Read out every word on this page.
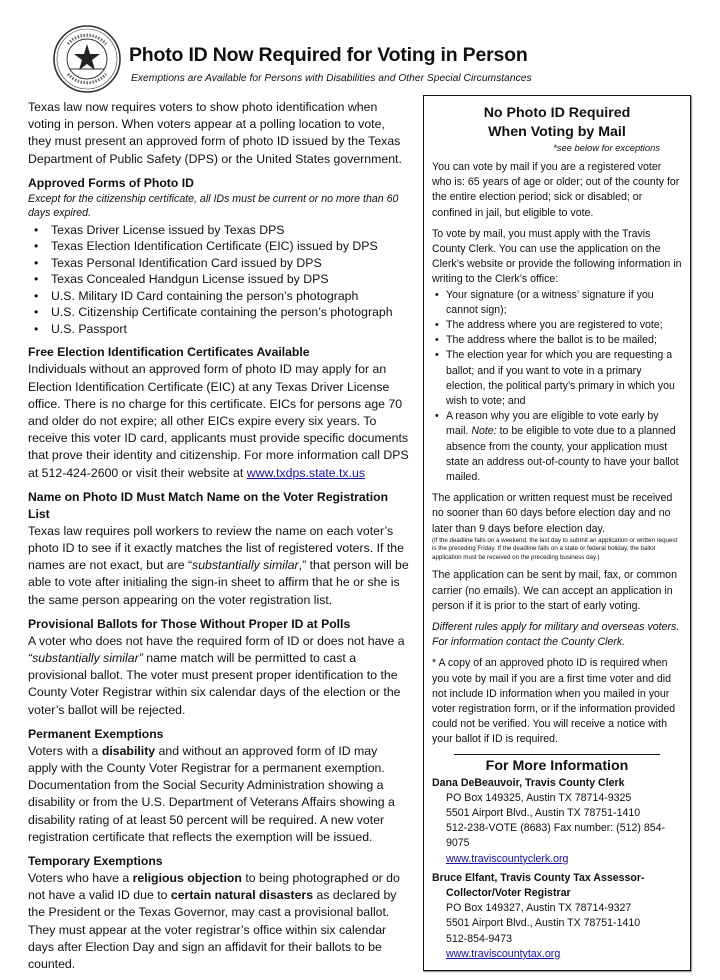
Photo ID Now Required for Voting in Person
Exemptions are Available for Persons with Disabilities and Other Special Circumstances

Texas law now requires voters to show photo identification when voting in person. When voters appear at a polling location to vote, they must present an approved form of photo ID issued by the Texas Department of Public Safety (DPS) or the United States government.

Approved Forms of Photo ID
Except for the citizenship certificate, all IDs must be current or no more than 60 days expired.
• Texas Driver License issued by Texas DPS
• Texas Election Identification Certificate (EIC) issued by DPS
• Texas Personal Identification Card issued by DPS
• Texas Concealed Handgun License issued by DPS
• U.S. Military ID Card containing the person’s photograph
• U.S. Citizenship Certificate containing the person’s photograph
• U.S. Passport
Free Election Identification Certificates Available

Individuals without an approved form of photo ID may apply for an Election Identification Certificate (EIC) at any Texas Driver License office. There is no charge for this certificate. EICs for persons age 70 and older do not expire; all other EICs expire every six years. To receive this voter ID card, applicants must provide specific documents that prove their identity and citizenship. For more information call DPS at 512-424-2600 or visit their website at www.txdps.state.tx.us

Name on Photo ID Must Match Name on the Voter Registration List

Texas law requires poll workers to review the name on each voter’s photo ID to see if it exactly matches the list of registered voters. If the names are not exact, but are “substantially similar,” that person will be able to vote after initialing the sign-in sheet to affirm that he or she is the same person appearing on the voter registration list.

Provisional Ballots for Those Without Proper ID at Polls

A voter who does not have the required form of ID or does not have a “substantially similar” name match will be permitted to cast a provisional ballot. The voter must present proper identification to the County Voter Registrar within six calendar days of the election or the voter’s ballot will be rejected.

Permanent Exemptions

Voters with a disability and without an approved form of ID may apply with the County Voter Registrar for a permanent exemption. Documentation from the Social Security Administration showing a disability or from the U.S. Department of Veterans Affairs showing a disability rating of at least 50 percent will be required. A new voter registration certificate that reflects the exemption will be issued.

Temporary Exemptions

Voters who have a religious objection to being photographed or do not have a valid ID due to certain natural disasters as declared by the President or the Texas Governor, may cast a provisional ballot. They must appear at the voter registrar’s office within six calendar days after Election Day and sign an affidavit for their ballots to be counted.

No Photo ID Required
When Voting by Mail
*see below for exceptions
You can vote by mail if you are a registered voter who is: 65 years of age or older; out of the county for the entire election period; sick or disabled; or confined in jail, but eligible to vote.

To vote by mail, you must apply with the Travis County Clerk. You can use the application on the Clerk’s website or provide the following information in writing to the Clerk’s office:

• Your signature (or a witness’ signature if you cannot sign);
• The address where you are registered to vote;
• The address where the ballot is to be mailed;
• The election year for which you are requesting a ballot; and if you want to vote in a primary election, the political party’s primary in which you wish to vote; and
• A reason why you are eligible to vote early by mail. Note: to be eligible to vote due to a planned absence from the county, your application must state an address out-of-county to have your ballot mailed.

The application or written request must be received no sooner than 60 days before election day and no later than 9 days before election day.

(If the deadline falls on a weekend, the last day to submit an application or written request is the preceding Friday. If the deadline falls on a state or federal holiday, the ballot application must be received on the preceding business day.)

The application can be sent by mail, fax, or common carrier (no emails). We can accept an application in person if it is prior to the start of early voting.
Different rules apply for military and overseas voters. For information contact the County Clerk.
* A copy of an approved photo ID is required when you vote by mail if you are a first time voter and did not include ID information when you mailed in your voter registration form, or if the information provided could not be verified. You will receive a notice with your ballot if ID is required.
For More Information
Dana DeBeauvoir, Travis County Clerk
PO Box 149325, Austin TX 78714-9325
5501 Airport Blvd., Austin TX 78751-1410
512-238-VOTE (8683) Fax number: (512) 854-9075
www.traviscountyclerk.org
Bruce Elfant, Travis County Tax Assessor-Collector/Voter Registrar
PO Box 149327, Austin TX 78714-9327
5501 Airport Blvd., Austin TX 78751-1410
512-854-9473
www.traviscountytax.org
